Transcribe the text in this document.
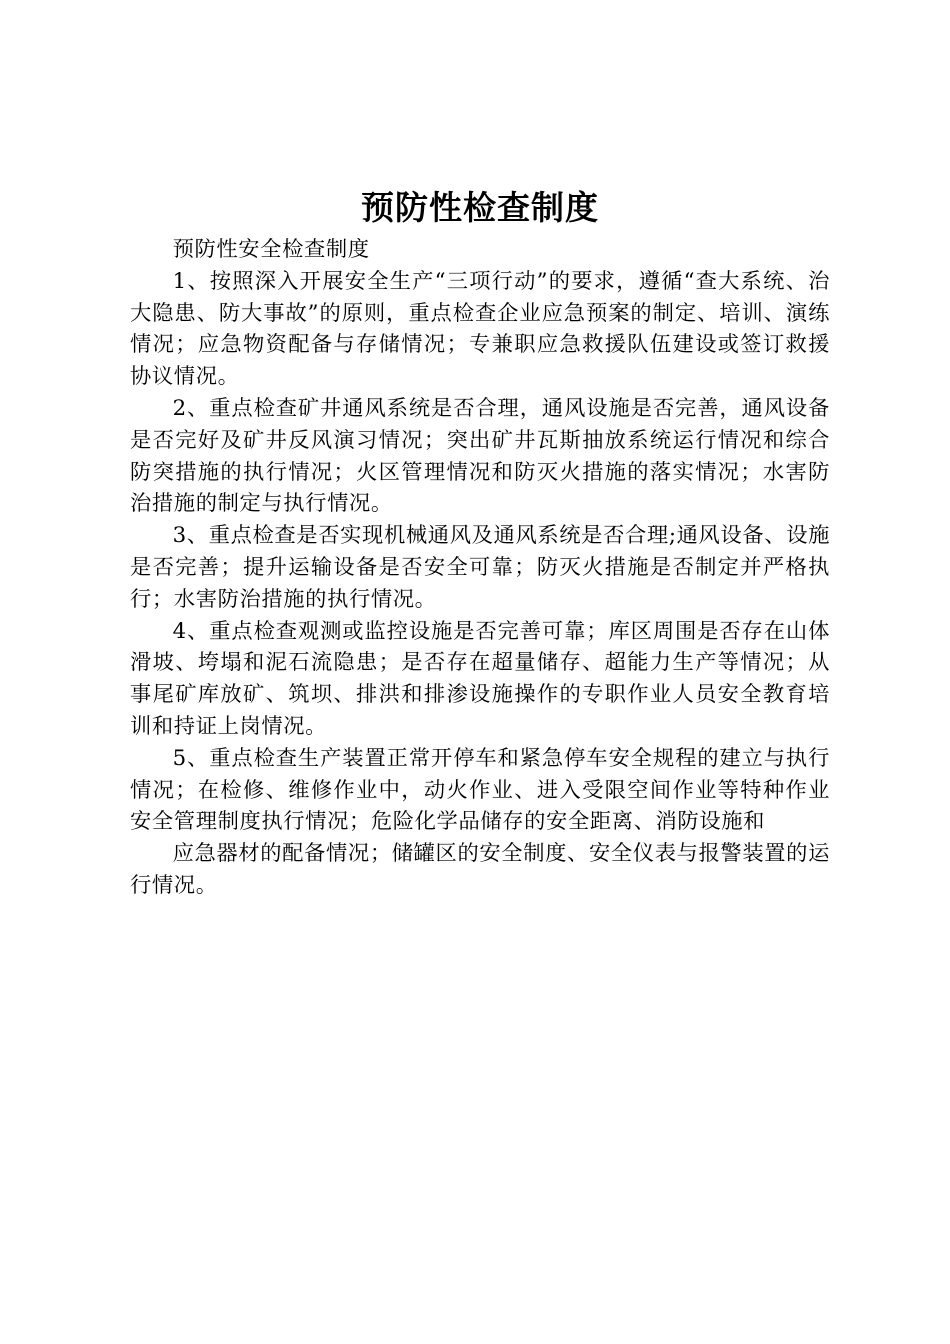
预防性检查制度

预防性安全检查制度

1、按照深入开展安全生产“三项行动”的要求，遵循“查大系统、治大隐患、防大事故”的原则，重点检查企业应急预案的制定、培训、演练情况；应急物资配备与存储情况；专兼职应急救援队伍建设或签订救援协议情况。

2、重点检查矿井通风系统是否合理，通风设施是否完善，通风设备是否完好及矿井反风演习情况；突出矿井瓦斯抽放系统运行情况和综合防突措施的执行情况；火区管理情况和防灭火措施的落实情况；水害防治措施的制定与执行情况。

3、重点检查是否实现机械通风及通风系统是否合理;通风设备、设施是否完善；提升运输设备是否安全可靠；防灭火措施是否制定并严格执行；水害防治措施的执行情况。

4、重点检查观测或监控设施是否完善可靠；库区周围是否存在山体滑坡、垮塌和泥石流隐患；是否存在超量储存、超能力生产等情况；从事尾矿库放矿、筑坝、排洪和排渗设施操作的专职作业人员安全教育培训和持证上岗情况。

5、重点检查生产装置正常开停车和紧急停车安全规程的建立与执行情况；在检修、维修作业中，动火作业、进入受限空间作业等特种作业安全管理制度执行情况；危险化学品储存的安全距离、消防设施和

应急器材的配备情况；储罐区的安全制度、安全仪表与报警装置的运行情况。
